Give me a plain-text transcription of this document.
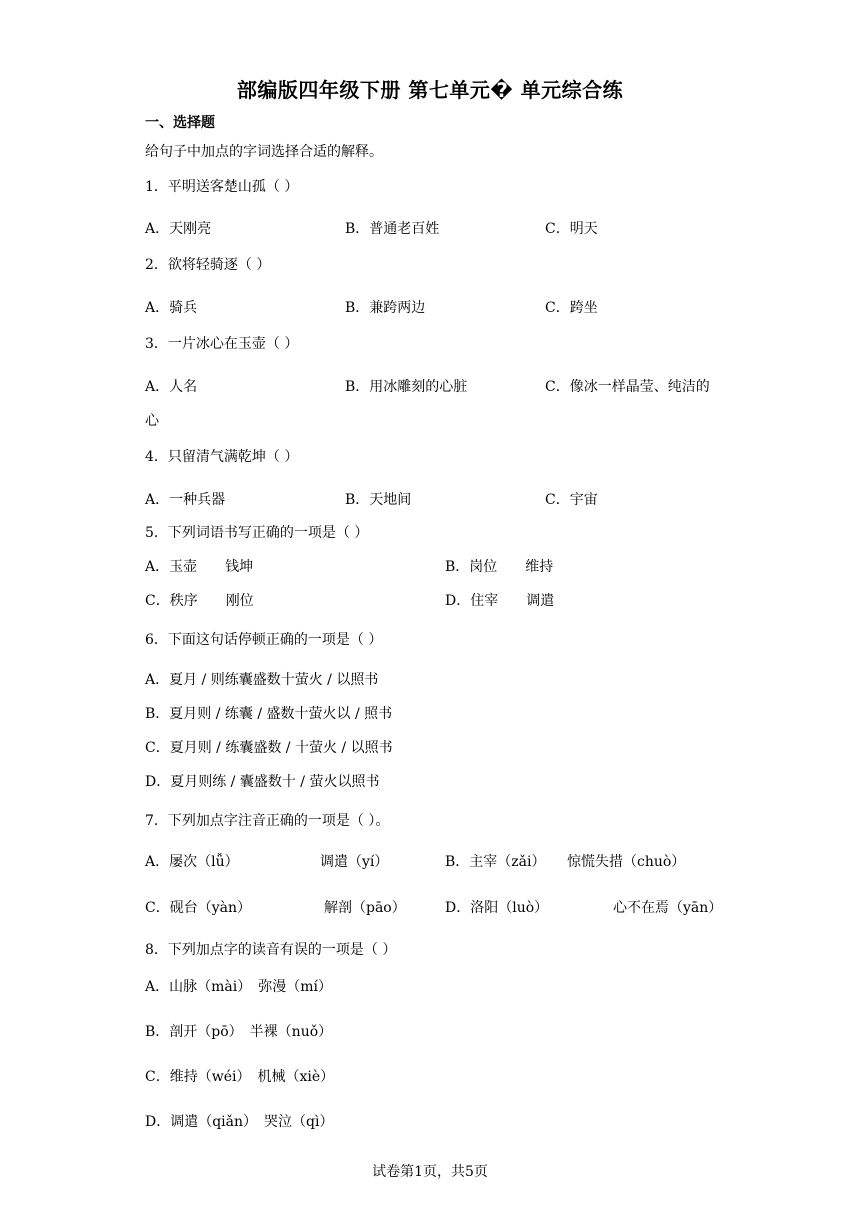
部编版四年级下册 第七单元� 单元综合练
一、选择题
给句子中加点的字词选择合适的解释。
1．平明送客楚山孤（ ）
A．天刚亮	B．普通老百姓	C．明天
2．欲将轻骑逐（ ）
A．骑兵	B．兼跨两边	C．跨坐
3．一片冰心在玉壶（ ）
A．人名	B．用冰雕刻的心脏	C．像冰一样晶莹、纯洁的
心
4．只留清气满乾坤（ ）
A．一种兵器	B．天地间	C．宇宙
5．下列词语书写正确的一项是（ ）
A．玉壶　　钱坤	B．岗位　　维持
C．秩序　　刚位	D．住宰　　调遣
6．下面这句话停顿正确的一项是（ ）
A．夏月 / 则练囊盛数十萤火 / 以照书
B．夏月则 / 练囊 / 盛数十萤火以 / 照书
C．夏月则 / 练囊盛数 / 十萤火 / 以照书
D．夏月则练 / 囊盛数十 / 萤火以照书
7．下列加点字注音正确的一项是（ ）。
A．屡次（lǚ）	调遣（yí）	B．主宰（zǎi） 惊慌失措（chuò）
C．砚台（yàn）	解剖（pāo）	D．洛阳（luò）	心不在焉（yān）
8．下列加点字的读音有误的一项是（ ）
A．山脉（mài）　弥漫（mí）
B．剖开（pō）　半裸（nuǒ）
C．维持（wéi）　机械（xiè）
D．调遣（qiǎn）　哭泣（qì）
试卷第1页，共5页
